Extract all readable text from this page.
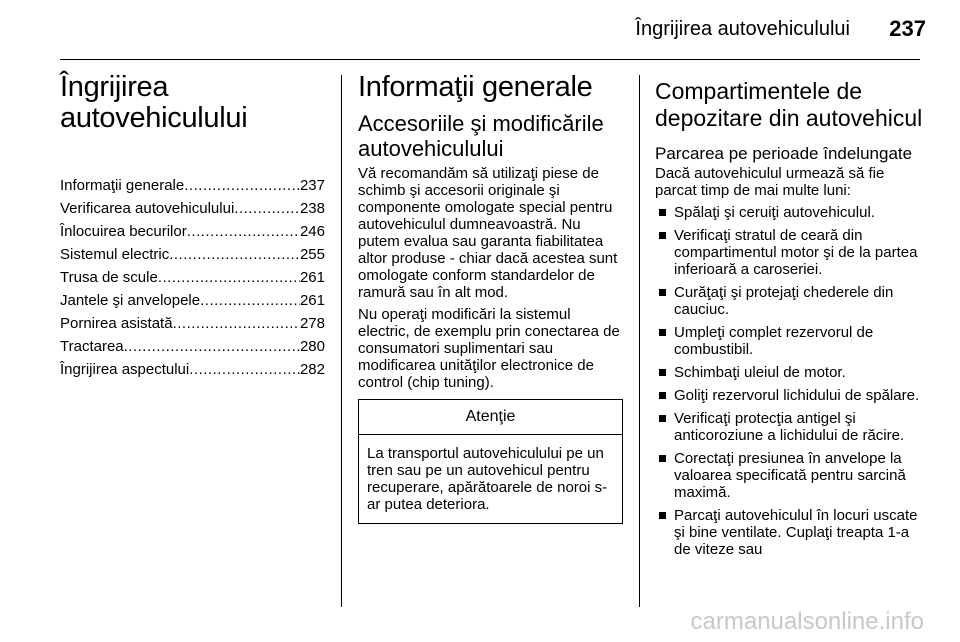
Îngrijirea autovehiculului 237
Îngrijirea
autovehiculului
Informaţii generale .....	237
Verificarea autovehiculului .....	238
Înlocuirea becurilor .....	246
Sistemul electric .....	255
Trusa de scule .....	261
Jantele şi anvelopele .....	261
Pornirea asistată .....	278
Tractarea .....	280
Îngrijirea aspectului .....	282
Informaţii generale
Accesoriile şi modificările autovehiculului

Vă recomandăm să utilizaţi piese de schimb şi accesorii originale şi componente omologate special pentru autovehiculul dumneavoastră. Nu putem evalua sau garanta fiabilitatea altor produse - chiar dacă acestea sunt omologate conform standardelor de ramură sau în alt mod.

Nu operaţi modificări la sistemul electric, de exemplu prin conectarea de consumatori suplimentari sau modificarea unităţilor electronice de control (chip tuning).

Atenţie
La transportul autovehiculului pe un tren sau pe un autovehicul pentru recuperare, apărătoarele de noroi s-ar putea deteriora.
Compartimentele de depozitare din autovehicul
Parcarea pe perioade îndelungate

Dacă autovehiculul urmează să fie parcat timp de mai multe luni:

Spălaţi şi ceruiţi autovehiculul.
Verificaţi stratul de ceară din compartimentul motor şi de la partea inferioară a caroseriei.
Curăţaţi şi protejaţi chederele din cauciuc.
Umpleţi complet rezervorul de combustibil.
Schimbaţi uleiul de motor.
Goliţi rezervorul lichidului de spălare.
Verificaţi protecţia antigel şi anticoroziune a lichidului de răcire.
Corectaţi presiunea în anvelope la valoarea specificată pentru sarcină maximă.
Parcaţi autovehiculul în locuri uscate şi bine ventilate. Cuplaţi treapta 1-a de viteze sau
carmanualsonline.info
